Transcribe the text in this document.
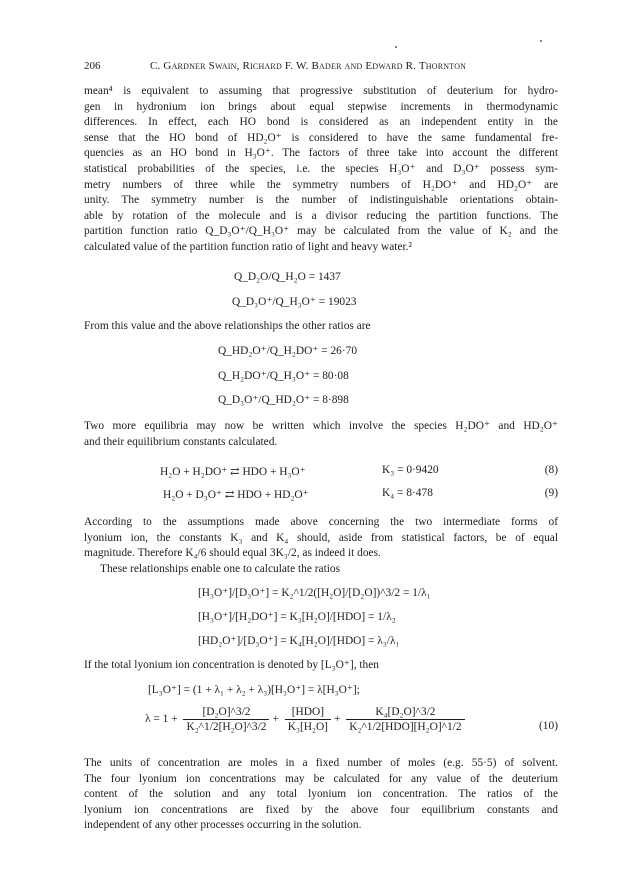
206	C. Gardner Swain, Richard F. W. Bader and Edward R. Thornton
mean⁴ is equivalent to assuming that progressive substitution of deuterium for hydro-
gen in hydronium ion brings about equal stepwise increments in thermodynamic
differences. In effect, each HO bond is considered as an independent entity in the
sense that the HO bond of HD₂O⁺ is considered to have the same fundamental fre-
quencies as an HO bond in H₃O⁺. The factors of three take into account the different
statistical probabilities of the species, i.e. the species H₃O⁺ and D₃O⁺ possess sym-
metry numbers of three while the symmetry numbers of H₂DO⁺ and HD₂O⁺ are
unity. The symmetry number is the number of indistinguishable orientations obtain-
able by rotation of the molecule and is a divisor reducing the partition functions. The
partition function ratio Q_D₃O⁺/Q_H₃O⁺ may be calculated from the value of K₂ and the
calculated value of the partition function ratio of light and heavy water.²
Q_D₂O/Q_H₂O = 1437
Q_D₃O⁺/Q_H₃O⁺ = 19023
From this value and the above relationships the other ratios are
Q_HD₂O⁺/Q_H₂DO⁺ = 26·70
Q_H₂DO⁺/Q_H₃O⁺ = 80·08
Q_D₃O⁺/Q_HD₂O⁺ = 8·898
Two more equilibria may now be written which involve the species H₂DO⁺ and HD₂O⁺
and their equilibrium constants calculated.
H₂O + H₂DO⁺ ⇄ HDO + H₃O⁺	K₃ = 0·9420	(8)
H₂O + D₃O⁺ ⇄ HDO + HD₂O⁺	K₄ = 8·478	(9)
According to the assumptions made above concerning the two intermediate forms of
lyonium ion, the constants K₃ and K₄ should, aside from statistical factors, be of equal
magnitude. Therefore K₄/6 should equal 3K₃/2, as indeed it does.
These relationships enable one to calculate the ratios
[H₃O⁺]/[D₃O⁺] = K₂^1/2([H₂O]/[D₂O])^3/2 = 1/λ₁
[H₃O⁺]/[H₂DO⁺] = K₃[H₂O]/[HDO] = 1/λ₂
[HD₂O⁺]/[D₃O⁺] = K₄[H₂O]/[HDO] = λ₃/λ₁
If the total lyonium ion concentration is denoted by [L₃O⁺], then
[L₃O⁺] = (1 + λ₁ + λ₂ + λ₃)[H₃O⁺] = λ[H₃O⁺];
$\lambda = 1 + \frac{\text{[D₂O]\textasciicircum{}3/2}}{\text{K₂\textasciicircum{}1/2[H₂O]\textasciicircum{}3/2}} + \frac{\text{[HDO]}}{\text{K₃[H₂O]}} + \frac{\text{K₄[D₂O]\textasciicircum{}3/2}}{\text{K₂\textasciicircum{}1/2[HDO][H₂O]\textasciicircum{}1/2}}$	(10)
The units of concentration are moles in a fixed number of moles (e.g. 55·5) of solvent.
The four lyonium ion concentrations may be calculated for any value of the deuterium
content of the solution and any total lyonium ion concentration. The ratios of the
lyonium ion concentrations are fixed by the above four equilibrium constants and
independent of any other processes occurring in the solution.
